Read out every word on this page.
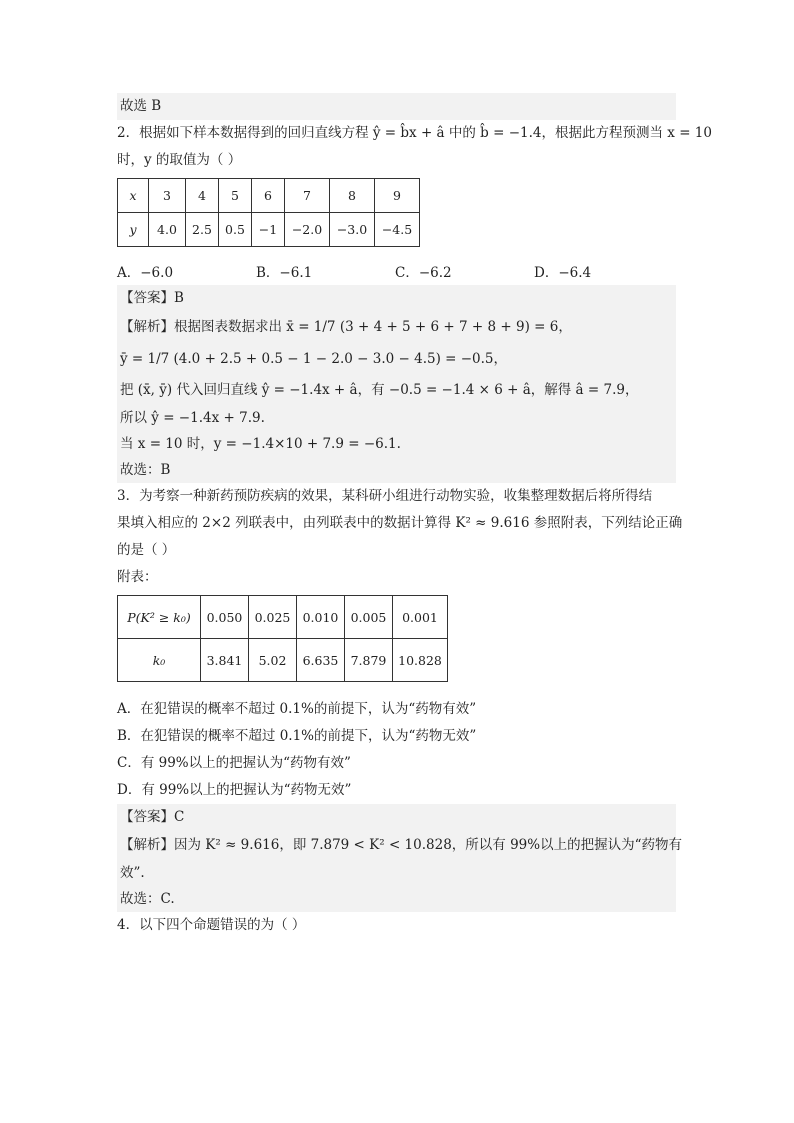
故选 B
2．根据如下样本数据得到的回归直线方程 ŷ = b̂x + â 中的 b̂ = −1.4，根据此方程预测当 x = 10
时，y 的取值为（ ）
x	3	4	5	6	7	8	9
y	4.0	2.5	0.5	−1	−2.0	−3.0	−4.5
A．−6.0	B．−6.1	C．−6.2	D．−6.4
【答案】B
【解析】根据图表数据求出 x̄ = 1/7 (3 + 4 + 5 + 6 + 7 + 8 + 9) = 6，
ȳ = 1/7 (4.0 + 2.5 + 0.5 − 1 − 2.0 − 3.0 − 4.5) = −0.5，
把 (x̄, ȳ) 代入回归直线 ŷ = −1.4x + â，有 −0.5 = −1.4 × 6 + â，解得 â = 7.9，
所以 ŷ = −1.4x + 7.9.
当 x = 10 时，y = −1.4×10 + 7.9 = −6.1.
故选：B
3．为考察一种新药预防疾病的效果，某科研小组进行动物实验，收集整理数据后将所得结
果填入相应的 2×2 列联表中，由列联表中的数据计算得 K² ≈ 9.616 参照附表，下列结论正确
的是（ ）
附表：
P(K² ≥ k₀)	0.050	0.025	0.010	0.005	0.001
k₀	3.841	5.02	6.635	7.879	10.828
A．在犯错误的概率不超过 0.1%的前提下，认为“药物有效”
B．在犯错误的概率不超过 0.1%的前提下，认为“药物无效”
C．有 99%以上的把握认为“药物有效”
D．有 99%以上的把握认为“药物无效”
【答案】C
【解析】因为 K² ≈ 9.616，即 7.879 < K² < 10.828，所以有 99%以上的把握认为“药物有
效”.
故选：C.
4．以下四个命题错误的为（ ）
